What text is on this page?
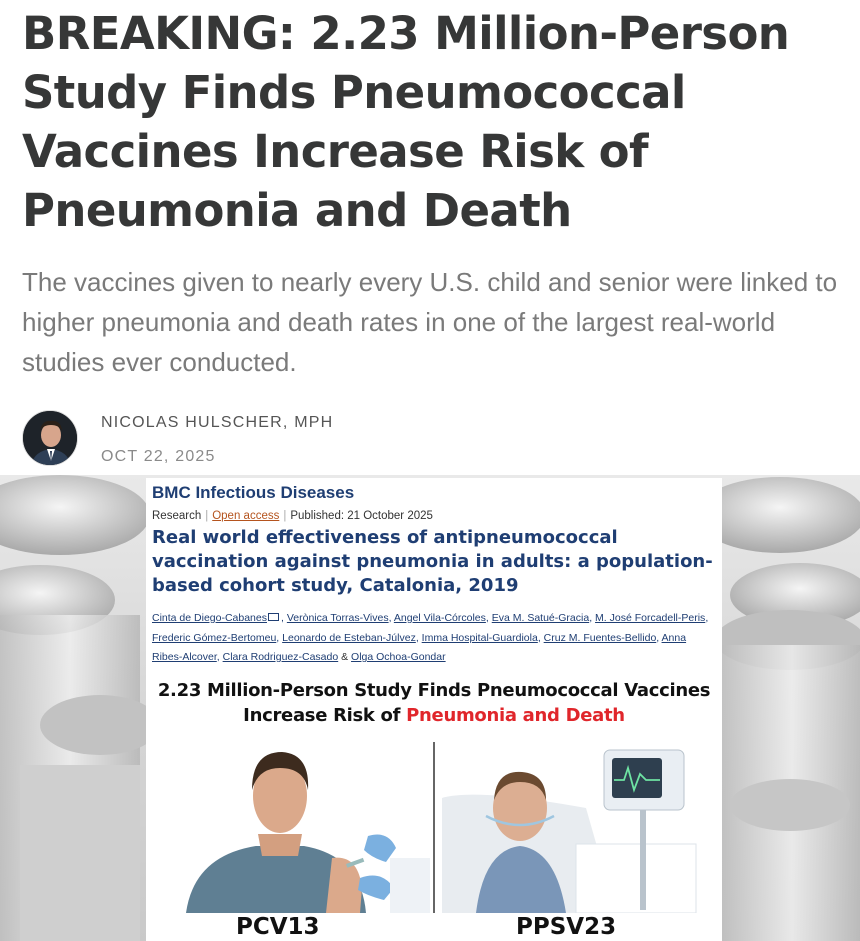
BREAKING: 2.23 Million-Person Study Finds Pneumococcal Vaccines Increase Risk of Pneumonia and Death

The vaccines given to nearly every U.S. child and senior were linked to higher pneumonia and death rates in one of the largest real-world studies ever conducted.

NICOLAS HULSCHER, MPH
OCT 22, 2025
BMC Infectious Diseases
Research | Open access | Published: 21 October 2025
Real world effectiveness of antipneumococcal vaccination against pneumonia in adults: a population-based cohort study, Catalonia, 2019
Cinta de Diego-Cabanes , Verònica Torras-Vives, Angel Vila-Córcoles, Eva M. Satué-Gracia, M. José Forcadell-Peris, Frederic Gómez-Bertomeu, Leonardo de Esteban-Júlvez, Imma Hospital-Guardiola, Cruz M. Fuentes-Bellido, Anna Ribes-Alcover, Clara Rodriguez-Casado & Olga Ochoa-Gondar
2.23 Million-Person Study Finds Pneumococcal Vaccines
Increase Risk of Pneumonia and Death
PCV13	PPSV23
